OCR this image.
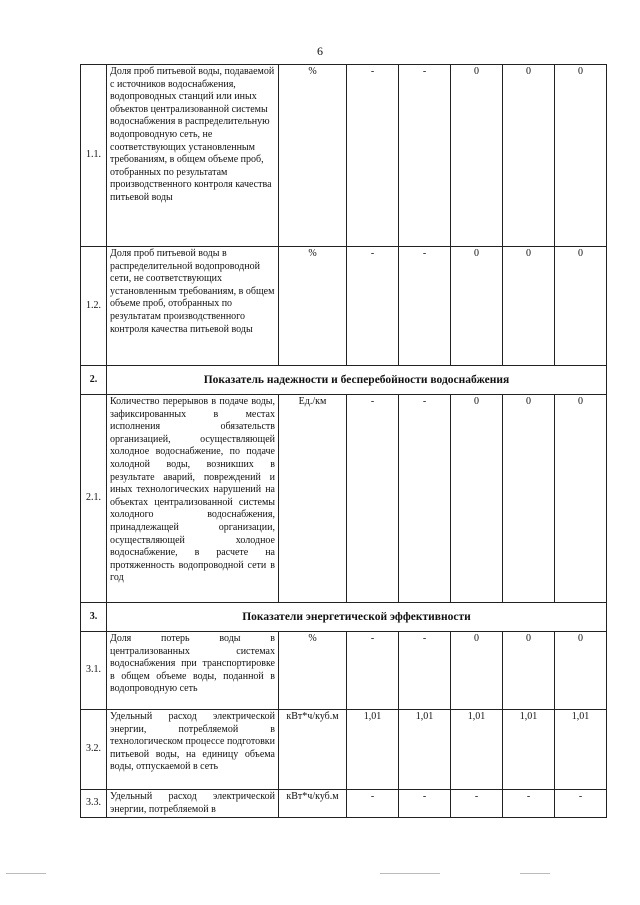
6
1.1.	Доля проб питьевой воды, подаваемой с источников водоснабжения, водопроводных станций или иных объектов централизованной системы водоснабжения в распределительную водопроводную сеть, не соответствующих установленным требованиям, в общем объеме проб, отобранных по результатам производственного контроля качества питьевой воды	%	-	-	0	0	0
1.2.	Доля проб питьевой воды в распределительной водопроводной сети, не соответствующих установленным требованиям, в общем объеме проб, отобранных по результатам производственного контроля качества питьевой воды	%	-	-	0	0	0
2.	Показатель надежности и бесперебойности водоснабжения						
2.1.	Количество перерывов в подаче воды, зафиксированных в местах исполнения обязательств организацией, осуществляющей холодное водоснабжение, по подаче холодной воды, возникших в результате аварий, повреждений и иных технологических нарушений на объектах централизованной системы холодного водоснабжения, принадлежащей организации, осуществляющей холодное водоснабжение, в расчете на протяженность водопроводной сети в год	Ед./км	-	-	0	0	0
3.	Показатели энергетической эффективности						
3.1.	Доля потерь воды в централизованных системах водоснабжения при транспортировке в общем объеме воды, поданной в водопроводную сеть	%	-	-	0	0	0
3.2.	Удельный расход электрической энергии, потребляемой в технологическом процессе подготовки питьевой воды, на единицу объема воды, отпускаемой в сеть	кВт*ч/куб.м	1,01	1,01	1,01	1,01	1,01
3.3.	Удельный расход электрической энергии, потребляемой в	кВт*ч/куб.м	-	-	-	-	-
